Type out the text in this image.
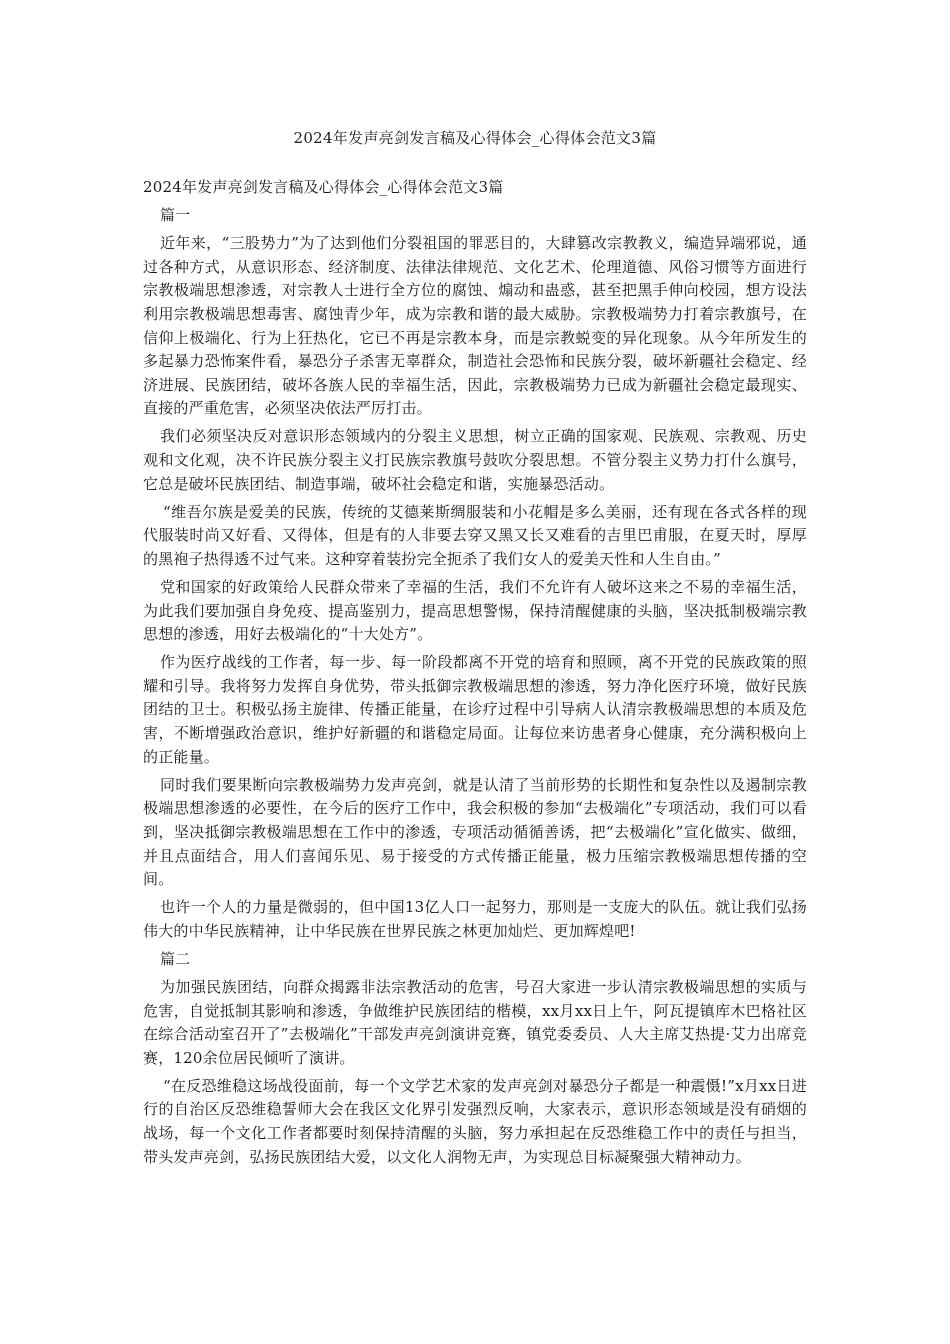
2024年发声亮剑发言稿及心得体会_心得体会范文3篇

2024年发声亮剑发言稿及心得体会_心得体会范文3篇

篇一

近年来，“三股势力”为了达到他们分裂祖国的罪恶目的，大肆篡改宗教教义，编造异端邪说，通过各种方式，从意识形态、经济制度、法律法律规范、文化艺术、伦理道德、风俗习惯等方面进行宗教极端思想渗透，对宗教人士进行全方位的腐蚀、煽动和蛊惑，甚至把黑手伸向校园，想方设法利用宗教极端思想毒害、腐蚀青少年，成为宗教和谐的最大威胁。宗教极端势力打着宗教旗号，在信仰上极端化、行为上狂热化，它已不再是宗教本身，而是宗教蜕变的异化现象。从今年所发生的多起暴力恐怖案件看，暴恐分子杀害无辜群众，制造社会恐怖和民族分裂，破坏新疆社会稳定、经济进展、民族团结，破坏各族人民的幸福生活，因此，宗教极端势力已成为新疆社会稳定最现实、直接的严重危害，必须坚决依法严厉打击。

我们必须坚决反对意识形态领域内的分裂主义思想，树立正确的国家观、民族观、宗教观、历史观和文化观，决不许民族分裂主义打民族宗教旗号鼓吹分裂思想。不管分裂主义势力打什么旗号，它总是破坏民族团结、制造事端，破坏社会稳定和谐，实施暴恐活动。

“维吾尔族是爱美的民族，传统的艾德莱斯绸服装和小花帽是多么美丽，还有现在各式各样的现代服装时尚又好看、又得体，但是有的人非要去穿又黑又长又难看的吉里巴甫服，在夏天时，厚厚的黑袍子热得透不过气来。这种穿着装扮完全扼杀了我们女人的爱美天性和人生自由。”

党和国家的好政策给人民群众带来了幸福的生活，我们不允许有人破坏这来之不易的幸福生活，为此我们要加强自身免疫、提高鉴别力，提高思想警惕，保持清醒健康的头脑，坚决抵制极端宗教思想的渗透，用好去极端化的“十大处方”。

作为医疗战线的工作者，每一步、每一阶段都离不开党的培育和照顾，离不开党的民族政策的照耀和引导。我将努力发挥自身优势，带头抵御宗教极端思想的渗透，努力净化医疗环境，做好民族团结的卫士。积极弘扬主旋律、传播正能量，在诊疗过程中引导病人认清宗教极端思想的本质及危害，不断增强政治意识，维护好新疆的和谐稳定局面。让每位来访患者身心健康，充分满积极向上的正能量。

同时我们要果断向宗教极端势力发声亮剑，就是认清了当前形势的长期性和复杂性以及遏制宗教极端思想渗透的必要性，在今后的医疗工作中，我会积极的参加“去极端化”专项活动，我们可以看到，坚决抵御宗教极端思想在工作中的渗透，专项活动循循善诱，把“去极端化”宣化做实、做细，并且点面结合，用人们喜闻乐见、易于接受的方式传播正能量，极力压缩宗教极端思想传播的空间。

也许一个人的力量是微弱的，但中国13亿人口一起努力，那则是一支庞大的队伍。就让我们弘扬伟大的中华民族精神，让中华民族在世界民族之林更加灿烂、更加辉煌吧!

篇二

为加强民族团结，向群众揭露非法宗教活动的危害，号召大家进一步认清宗教极端思想的实质与危害，自觉抵制其影响和渗透，争做维护民族团结的楷模，xx月xx日上午，阿瓦提镇库木巴格社区在综合活动室召开了”去极端化”干部发声亮剑演讲竞赛，镇党委委员、人大主席艾热提·艾力出席竞赛，120余位居民倾听了演讲。

“在反恐维稳这场战役面前，每一个文学艺术家的发声亮剑对暴恐分子都是一种震慑!”x月xx日进行的自治区反恐维稳誓师大会在我区文化界引发强烈反响，大家表示，意识形态领域是没有硝烟的战场，每一个文化工作者都要时刻保持清醒的头脑，努力承担起在反恐维稳工作中的责任与担当，带头发声亮剑，弘扬民族团结大爱，以文化人润物无声，为实现总目标凝聚强大精神动力。
